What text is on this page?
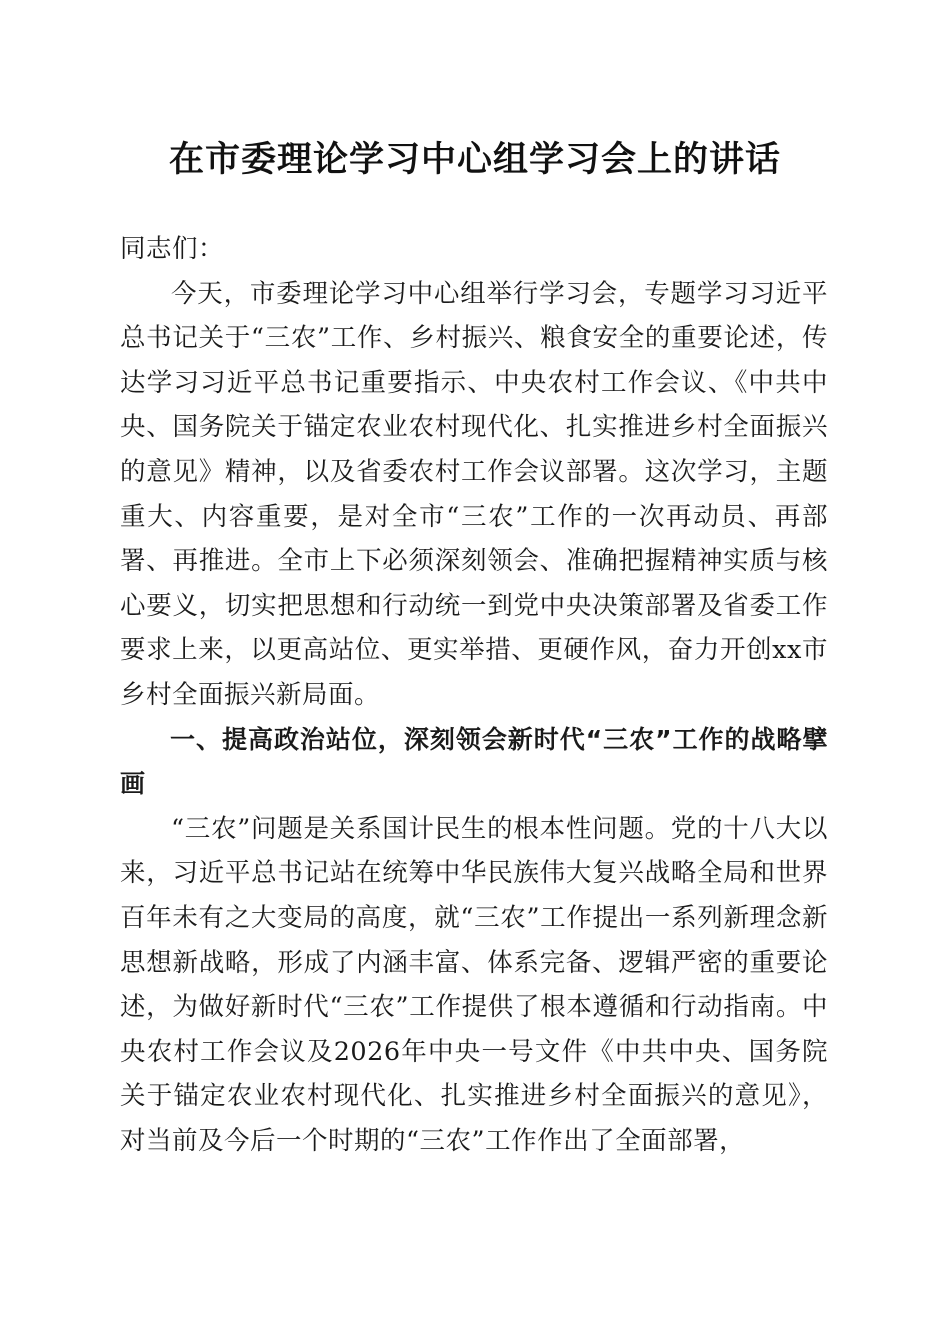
在市委理论学习中心组学习会上的讲话

同志们：

今天，市委理论学习中心组举行学习会，专题学习习近平总书记关于“三农”工作、乡村振兴、粮食安全的重要论述，传达学习习近平总书记重要指示、中央农村工作会议、《中共中央、国务院关于锚定农业农村现代化、扎实推进乡村全面振兴的意见》精神，以及省委农村工作会议部署。这次学习，主题重大、内容重要，是对全市“三农”工作的一次再动员、再部署、再推进。全市上下必须深刻领会、准确把握精神实质与核心要义，切实把思想和行动统一到党中央决策部署及省委工作要求上来，以更高站位、更实举措、更硬作风，奋力开创xx市乡村全面振兴新局面。

一、提高政治站位，深刻领会新时代“三农”工作的战略擘画

“三农”问题是关系国计民生的根本性问题。党的十八大以来，习近平总书记站在统筹中华民族伟大复兴战略全局和世界百年未有之大变局的高度，就“三农”工作提出一系列新理念新思想新战略，形成了内涵丰富、体系完备、逻辑严密的重要论述，为做好新时代“三农”工作提供了根本遵循和行动指南。中央农村工作会议及2026年中央一号文件《中共中央、国务院关于锚定农业农村现代化、扎实推进乡村全面振兴的意见》，对当前及今后一个时期的“三农”工作作出了全面部署，
